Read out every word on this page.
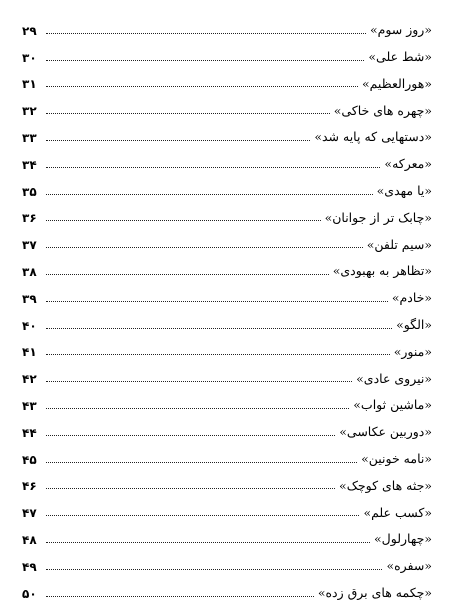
«روز سوم»
۲۹
«شط علی»
۳۰
«هورالعظیم»
۳۱
«چهره های خاکی»
۳۲
«دستهایی که پایه شد»
۳۳
«معرکه»
۳۴
«یا مهدی»
۳۵
«چابک تر از جوانان»
۳۶
«سیم تلفن»
۳۷
«تظاهر به بهبودی»
۳۸
«خادم»
۳۹
«الگو»
۴۰
«منور»
۴۱
«نیروی عادی»
۴۲
«ماشین ثواب»
۴۳
«دوربین عکاسی»
۴۴
«نامه خونین»
۴۵
«جثه های کوچک»
۴۶
«کسب علم»
۴۷
«چهارلول»
۴۸
«سفره»
۴۹
«چکمه های برق زده»
۵۰
